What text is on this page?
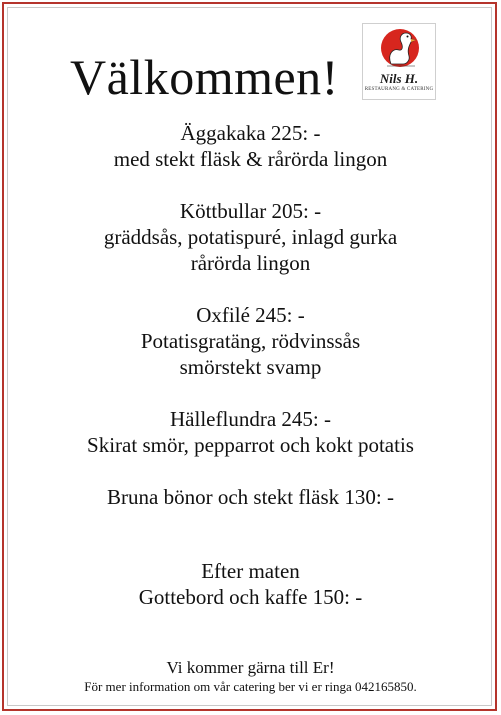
Välkommen!	Nils H.
RESTAURANG & CATERING
Äggakaka 225: -
med stekt fläsk & rårörda lingon
Köttbullar 205: -
gräddsås, potatispuré, inlagd gurka
rårörda lingon
Oxfilé 245: -
Potatisgratäng, rödvinssås
smörstekt svamp
Hälleflundra 245: -
Skirat smör, pepparrot och kokt potatis
Bruna bönor och stekt fläsk 130: -
Efter maten
Gottebord och kaffe 150: -
Vi kommer gärna till Er!
För mer information om vår catering ber vi er ringa 042165850.
